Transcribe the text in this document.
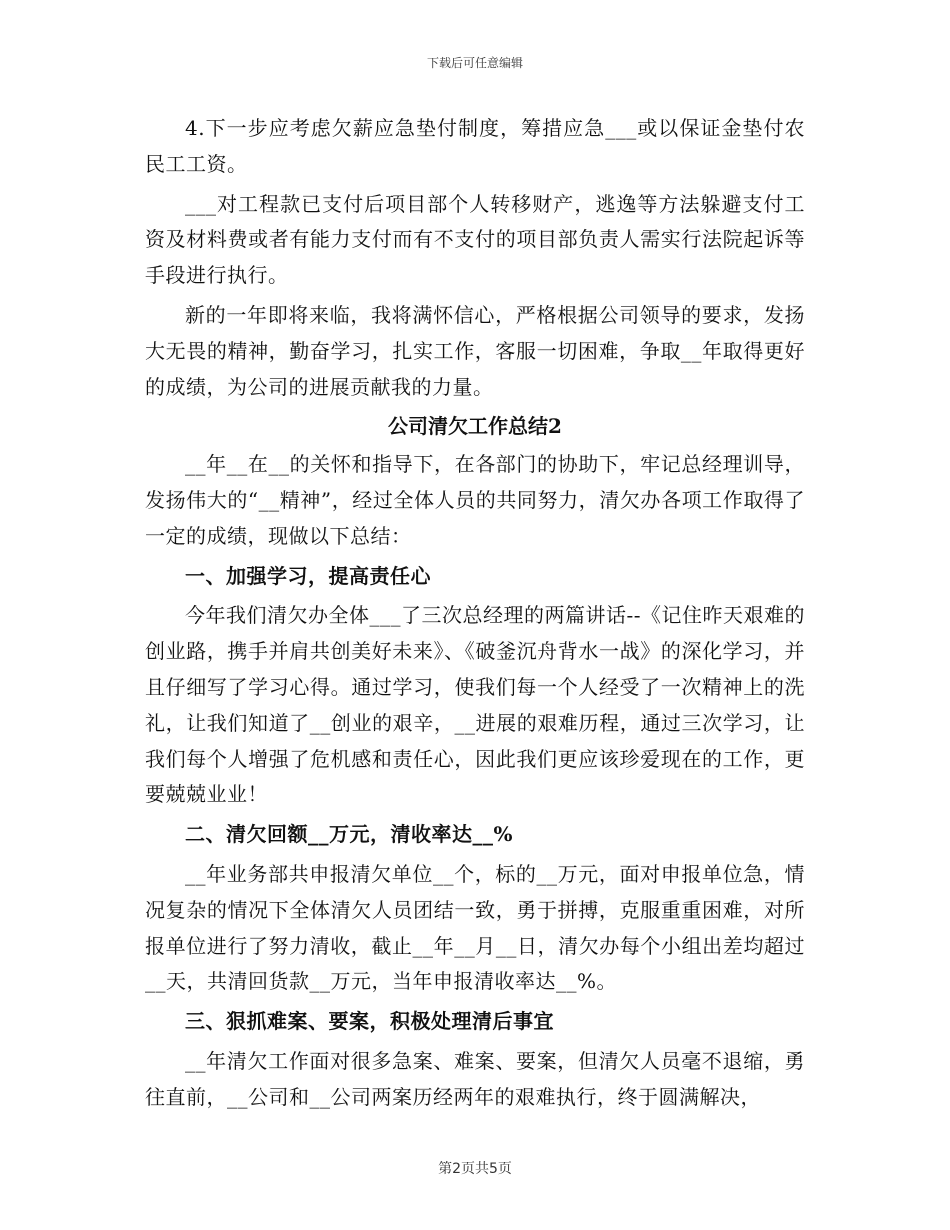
下载后可任意编辑

4.下一步应考虑欠薪应急垫付制度，筹措应急___或以保证金垫付农民工工资。

___对工程款已支付后项目部个人转移财产，逃逸等方法躲避支付工资及材料费或者有能力支付而有不支付的项目部负责人需实行法院起诉等手段进行执行。

新的一年即将来临，我将满怀信心，严格根据公司领导的要求，发扬大无畏的精神，勤奋学习，扎实工作，客服一切困难，争取__年取得更好的成绩，为公司的进展贡献我的力量。

公司清欠工作总结2

__年__在__的关怀和指导下，在各部门的协助下，牢记总经理训导，发扬伟大的“__精神”，经过全体人员的共同努力，清欠办各项工作取得了一定的成绩，现做以下总结：

一、加强学习，提高责任心

今年我们清欠办全体___了三次总经理的两篇讲话--《记住昨天艰难的创业路，携手并肩共创美好未来》、《破釜沉舟背水一战》的深化学习，并且仔细写了学习心得。通过学习，使我们每一个人经受了一次精神上的洗礼，让我们知道了__创业的艰辛，__进展的艰难历程，通过三次学习，让我们每个人增强了危机感和责任心，因此我们更应该珍爱现在的工作，更要兢兢业业！

二、清欠回额__万元，清收率达__%

__年业务部共申报清欠单位__个，标的__万元，面对申报单位急，情况复杂的情况下全体清欠人员团结一致，勇于拼搏，克服重重困难，对所报单位进行了努力清收，截止__年__月__日，清欠办每个小组出差均超过__天，共清回货款__万元，当年申报清收率达__%。

三、狠抓难案、要案，积极处理清后事宜

__年清欠工作面对很多急案、难案、要案，但清欠人员毫不退缩，勇往直前，__公司和__公司两案历经两年的艰难执行，终于圆满解决，

第2页共5页
